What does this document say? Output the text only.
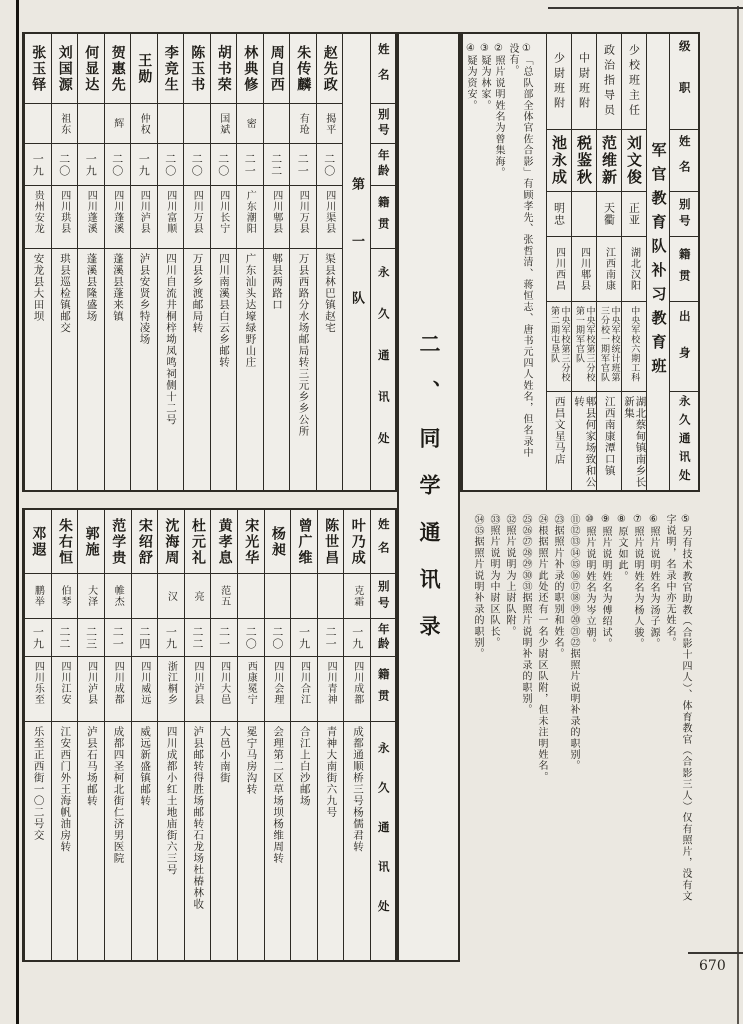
二、同学通讯录
级职
姓名
别号
籍贯
出身
永久通讯处
军官教育队补习教育班
①「总队部全体官佐合影」有顾孝先、张哲清、蒋恒志、唐书元四人姓名，但名录中没有。
②照片说明姓名为曾集海。
③疑为林家。
④疑为资安。	少校班主任
刘文俊
正亚
湖北汉阳
中央军校六期工科
湖北蔡甸镇南乡长新集
政治指导员
范维新
天衢
江西南康
中央军校统计班第三分校一期军官队
江西南康潭口镇
中尉班附
税鉴秋
四川郫县
中央军校第三分校第一期军官队
郫县何家场致和公转
少尉班附
池永成
明忠
四川西昌
中央军校第三分校第二期屯垦队
西昌文星马店
姓名
别号
年龄
籍贯
永久通讯处
第一队
赵先政
揭平
二〇
四川渠县
渠县林巴镇赵宅
朱传麟
有玱
二一
四川万县
万县西路分水场邮局转三元乡乡公所
周自西
二二
四川郫县
郫县两路口
林典修
密
二一
广东潮阳
广东汕头达壕绿野山庄
胡书荣
国斌
二〇
四川长宁
四川南溪县白云乡邮转
陈玉书
二〇
四川万县
万县乡渡邮局转
李竞生
二〇
四川富顺
四川自流井桐梓坳凤鸣祠侧十二号
王勋
仲权
一九
四川泸县
泸县安贤乡特凌场
贺惠先
辉
二〇
四川蓬溪
蓬溪县蓬来镇
何显达
一九
四川蓬溪
蓬溪县隆盛场
刘国源
祖东
二〇
四川珙县
珙县巡检镇邮交
张玉铎
一九
贵州安龙
安龙县大田坝
姓名
别号
年龄
籍贯
永久通讯处
叶乃成
克霜
一九
四川成都
成都通顺桥三号杨儒君转
陈世昌
二一
四川青神
青神大南街六九号
曾广维
一九
四川合江
合江上白沙邮场
杨昶
二〇
四川会理
会理第二区草场坝杨维周转
宋光华
二〇
西康冕宁
冕宁马房沟转
黄孝息
范五
二一
四川大邑
大邑小南街
杜元礼
亮
二二
四川泸县
泸县邮转得胜场邮转石龙场杜椿林收
沈海周
汉
一九
浙江桐乡
四川成都小红土地庙街六三号
宋绍舒
二四
四川威远
威远新盛镇邮转
范学贵
帷杰
二一
四川成都
成都四圣柯北街仁济男医院
郭施
大泽
二三
四川泸县
泸县石马场邮转
朱右恒
伯琴
二二
四川江安
江安西门外王海帆油房转
邓遐
鹏举
一九
四川乐至
乐至正西街一〇二号交	⑤另有技术教官助教（合影十四人）、体育教官（合影三人）仅有照片，没有文字说明，名录中亦无姓名。
⑥照片说明姓名为汤子源。
⑦照片说明姓名为杨人骏。
⑧原文如此。
⑨照片说明姓名为傅绍试。
⑩照片说明姓名为岑立朝。
⑪⑫⑬⑭⑮⑯⑰⑱⑲⑳㉑㉒据照片说明补录的职别。
㉓据照片补录的职别和姓名。
㉔根据照片此处还有一名少尉区队附，但未注明姓名。
㉕㉖㉗㉘㉙㉚㉛据照片说明补录的职别。
㉜照片说明为上尉队附。
㉝照片说明为中尉区队长。
㉞㉟据照片说明补录的职别。
670
